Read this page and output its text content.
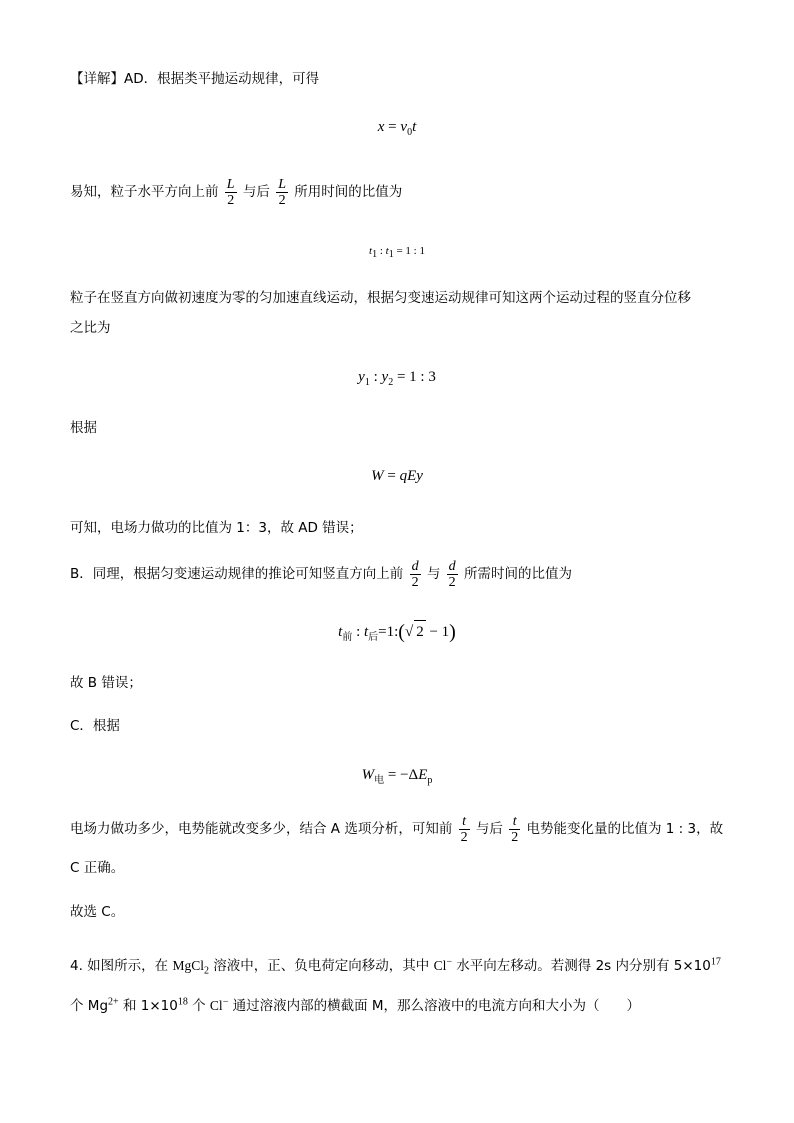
【详解】AD．根据类平抛运动规律，可得
$x = v_0t$
易知，粒子水平方向上前 $\frac{L}{2}$ 与后 $\frac{L}{2}$ 所用时间的比值为
$t_1$ : $t_1 = 1$ : 1
粒子在竖直方向做初速度为零的匀加速直线运动，根据匀变速运动规律可知这两个运动过程的竖直分位移
之比为
$y_1$ : $y_2 = 1$ : 3
根据
W = qEy
可知，电场力做功的比值为 1：3，故 AD 错误；
B．同理，根据匀变速运动规律的推论可知竖直方向上前 $\frac{d}{2}$ 与 $\frac{d}{2}$ 所需时间的比值为
$t_前$ : $t_后=1:(√$ 2 − 1)
故 B 错误；
C．根据
$W_电 = -\Delta E_p$
电场力做功多少，电势能就改变多少，结合 A 选项分析，可知前 $\frac{t}{2}$ 与后 $\frac{t}{2}$ 电势能变化量的比值为 1 : 3，故
C 正确。
故选 C。
4. 如图所示，在 MgCl$_2$ 溶液中，正、负电荷定向移动，其中 Cl− 水平向左移动。若测得 2s 内分别有 $5\times 10^{17}$
个 $Mg^{2+}$ 和 $1\times 10^{18}$ 个 Cl− 通过溶液内部的横截面 M，那么溶液中的电流方向和大小为（　　）
